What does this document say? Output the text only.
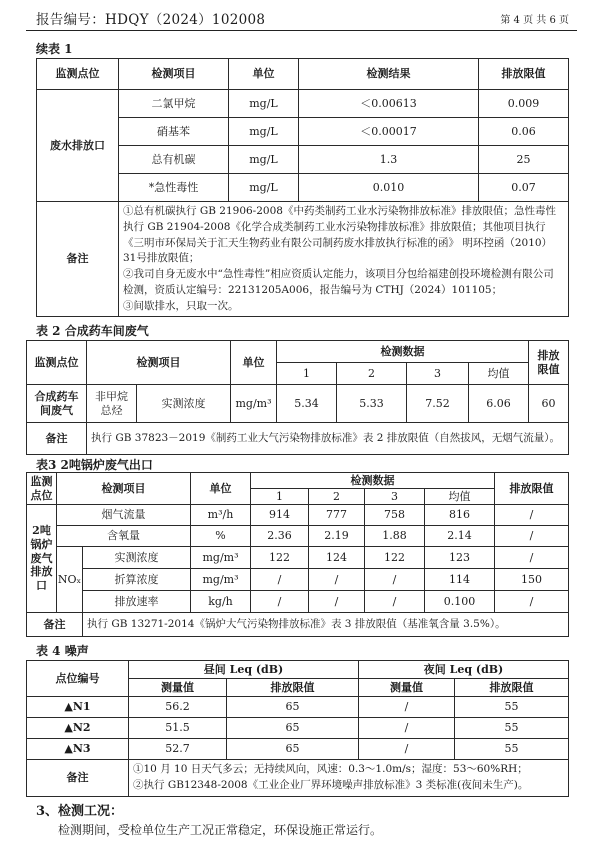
报告编号：HDQY（2024）102008	第 4 页 共 6 页
续表 1
监测点位	检测项目	单位	检测结果	排放限值
废水排放口	二氯甲烷	mg/L	＜0.00613	0.009
	硝基苯	mg/L	＜0.00017	0.06
	总有机碳	mg/L	1.3	25
	*急性毒性	mg/L	0.010	0.07
备注	①总有机碳执行 GB 21906-2008《中药类制药工业水污染物排放标准》排放限值；急性毒性执行 GB 21904-2008《化学合成类制药工业水污染物排放标准》排放限值；其他项目执行《三明市环保局关于汇天生物药业有限公司制药废水排放执行标准的函》 明环控函（2010）31号排放限值；
②我司自身无废水中“急性毒性”相应资质认定能力，该项目分包给福建创投环境检测有限公司检测，资质认定编号：22131205A006，报告编号为 CTHJ（2024）101105；
③间歇排水，只取一次。			
表 2 合成药车间废气
监测点位	检测项目		单位	检测数据				排放限值
				1	2	3	均值	
合成药车间废气	非甲烷总烃	实测浓度	mg/m³	5.34	5.33	7.52	6.06	60
备注	执行 GB 37823－2019《制药工业大气污染物排放标准》表 2 排放限值（自然拔风，无烟气流量）。							
表3 2吨锅炉废气出口
监测点位	检测项目		单位	检测数据				排放限值
				1	2	3	均值	
2吨锅炉废气排放口	烟气流量		m³/h	914	777	758	816	/
	含氧量		%	2.36	2.19	1.88	2.14	/
	NOₓ	实测浓度	mg/m³	122	124	122	123	/
		折算浓度	mg/m³	/	/	/	114	150
		排放速率	kg/h	/	/	/	0.100	/
备注		执行 GB 13271-2014《锅炉大气污染物排放标准》表 3 排放限值（基准氧含量 3.5%）。						
表 4 噪声
点位编号	昼间 Leq (dB)		夜间 Leq (dB)	
	测量值	排放限值	测量值	排放限值
▲N1	56.2	65	/	55
▲N2	51.5	65	/	55
▲N3	52.7	65	/	55
备注	①10 月 10 日天气多云；无持续风向，风速：0.3～1.0m/s；湿度：53～60%RH；
②执行 GB12348-2008《工业企业厂界环境噪声排放标准》3 类标准(夜间未生产)。			
3、检测工况：
检测期间，受检单位生产工况正常稳定，环保设施正常运行。
